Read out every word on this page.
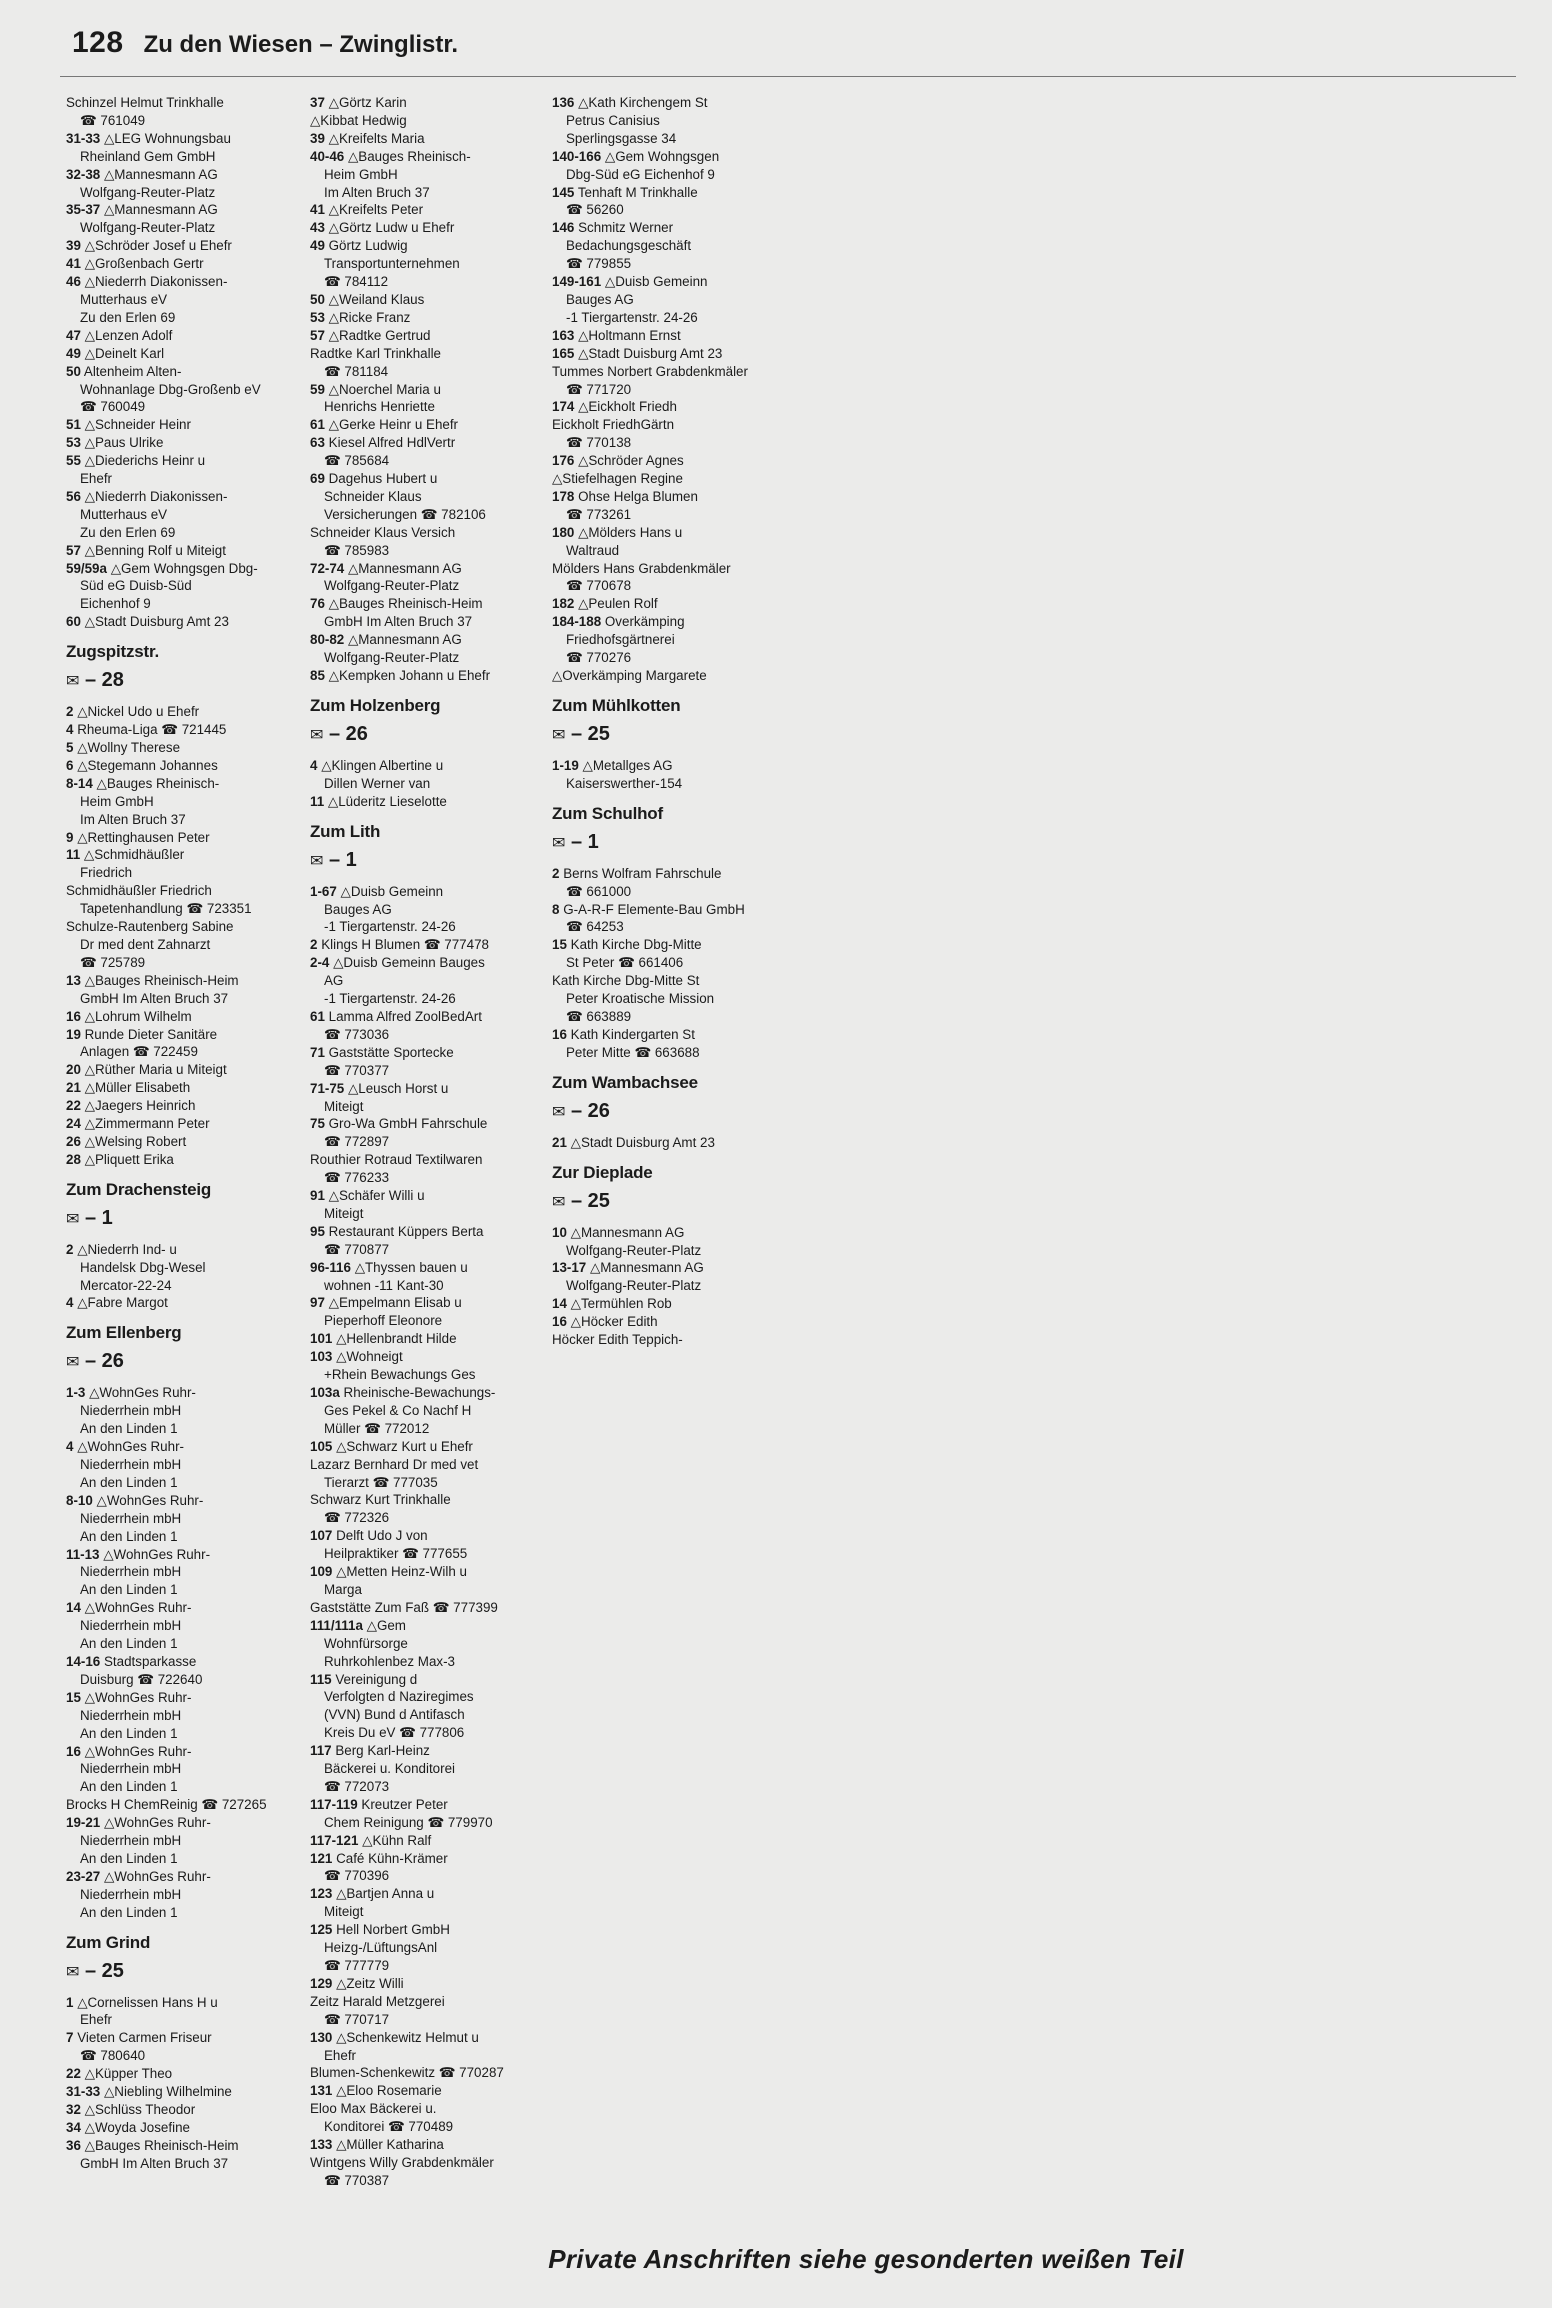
128 Zu den Wiesen – Zwinglistr.
Schinzel Helmut Trinkhalle
☎ 761049
31-33 △LEG Wohnungsbau
Rheinland Gem GmbH
32-38 △Mannesmann AG
Wolfgang-Reuter-Platz
35-37 △Mannesmann AG
Wolfgang-Reuter-Platz
39 △Schröder Josef u Ehefr
41 △Großenbach Gertr
46 △Niederrh Diakonissen-
Mutterhaus eV
Zu den Erlen 69
47 △Lenzen Adolf
49 △Deinelt Karl
50 Altenheim Alten-
Wohnanlage Dbg-Großenb eV
☎ 760049
51 △Schneider Heinr
53 △Paus Ulrike
55 △Diederichs Heinr u
Ehefr
56 △Niederrh Diakonissen-
Mutterhaus eV
Zu den Erlen 69
57 △Benning Rolf u Miteigt
59/59a △Gem Wohngsgen Dbg-
Süd eG Duisb-Süd
Eichenhof 9
60 △Stadt Duisburg Amt 23
Zugspitzstr.
✉ – 28
2 △Nickel Udo u Ehefr
4 Rheuma-Liga ☎ 721445
5 △Wollny Therese
6 △Stegemann Johannes
8-14 △Bauges Rheinisch-
Heim GmbH
Im Alten Bruch 37
9 △Rettinghausen Peter
11 △Schmidhäußler
Friedrich
Schmidhäußler Friedrich
Tapetenhandlung ☎ 723351
Schulze-Rautenberg Sabine
Dr med dent Zahnarzt
☎ 725789
13 △Bauges Rheinisch-Heim
GmbH Im Alten Bruch 37
16 △Lohrum Wilhelm
19 Runde Dieter Sanitäre
Anlagen ☎ 722459
20 △Rüther Maria u Miteigt
21 △Müller Elisabeth
22 △Jaegers Heinrich
24 △Zimmermann Peter
26 △Welsing Robert
28 △Pliquett Erika
Zum Drachensteig
✉ – 1
2 △Niederrh Ind- u
Handelsk Dbg-Wesel
Mercator-22-24
4 △Fabre Margot
Zum Ellenberg
✉ – 26
1-3 △WohnGes Ruhr-
Niederrhein mbH
An den Linden 1
4 △WohnGes Ruhr-
Niederrhein mbH
An den Linden 1
8-10 △WohnGes Ruhr-
Niederrhein mbH
An den Linden 1
11-13 △WohnGes Ruhr-
Niederrhein mbH
An den Linden 1
14 △WohnGes Ruhr-
Niederrhein mbH
An den Linden 1
14-16 Stadtsparkasse
Duisburg ☎ 722640
15 △WohnGes Ruhr-
Niederrhein mbH
An den Linden 1
16 △WohnGes Ruhr-
Niederrhein mbH
An den Linden 1
Brocks H ChemReinig ☎ 727265
19-21 △WohnGes Ruhr-
Niederrhein mbH
An den Linden 1
23-27 △WohnGes Ruhr-
Niederrhein mbH
An den Linden 1
Zum Grind
✉ – 25
1 △Cornelissen Hans H u
Ehefr
7 Vieten Carmen Friseur
☎ 780640
22 △Küpper Theo
31-33 △Niebling Wilhelmine
32 △Schlüss Theodor
34 △Woyda Josefine
36 △Bauges Rheinisch-Heim
GmbH Im Alten Bruch 37
37 △Görtz Karin
△Kibbat Hedwig
39 △Kreifelts Maria
40-46 △Bauges Rheinisch-
Heim GmbH
Im Alten Bruch 37
41 △Kreifelts Peter
43 △Görtz Ludw u Ehefr
49 Görtz Ludwig
Transportunternehmen
☎ 784112
50 △Weiland Klaus
53 △Ricke Franz
57 △Radtke Gertrud
Radtke Karl Trinkhalle
☎ 781184
59 △Noerchel Maria u
Henrichs Henriette
61 △Gerke Heinr u Ehefr
63 Kiesel Alfred HdlVertr
☎ 785684
69 Dagehus Hubert u
Schneider Klaus
Versicherungen ☎ 782106
Schneider Klaus Versich
☎ 785983
72-74 △Mannesmann AG
Wolfgang-Reuter-Platz
76 △Bauges Rheinisch-Heim
GmbH Im Alten Bruch 37
80-82 △Mannesmann AG
Wolfgang-Reuter-Platz
85 △Kempken Johann u Ehefr
Zum Holzenberg
✉ – 26
4 △Klingen Albertine u
Dillen Werner van
11 △Lüderitz Lieselotte
Zum Lith
✉ – 1
1-67 △Duisb Gemeinn
Bauges AG
-1 Tiergartenstr. 24-26
2 Klings H Blumen ☎ 777478
2-4 △Duisb Gemeinn Bauges
AG
-1 Tiergartenstr. 24-26
61 Lamma Alfred ZoolBedArt
☎ 773036
71 Gaststätte Sportecke
☎ 770377
71-75 △Leusch Horst u
Miteigt
75 Gro-Wa GmbH Fahrschule
☎ 772897
Routhier Rotraud Textilwaren
☎ 776233
91 △Schäfer Willi u
Miteigt
95 Restaurant Küppers Berta
☎ 770877
96-116 △Thyssen bauen u
wohnen -11 Kant-30
97 △Empelmann Elisab u
Pieperhoff Eleonore
101 △Hellenbrandt Hilde
103 △Wohneigt
+Rhein Bewachungs Ges
103a Rheinische-Bewachungs-
Ges Pekel & Co Nachf H
Müller ☎ 772012
105 △Schwarz Kurt u Ehefr
Lazarz Bernhard Dr med vet
Tierarzt ☎ 777035
Schwarz Kurt Trinkhalle
☎ 772326
107 Delft Udo J von
Heilpraktiker ☎ 777655
109 △Metten Heinz-Wilh u
Marga
Gaststätte Zum Faß ☎ 777399
111/111a △Gem
Wohnfürsorge
Ruhrkohlenbez Max-3
115 Vereinigung d
Verfolgten d Naziregimes
(VVN) Bund d Antifasch
Kreis Du eV ☎ 777806
117 Berg Karl-Heinz
Bäckerei u. Konditorei
☎ 772073
117-119 Kreutzer Peter
Chem Reinigung ☎ 779970
117-121 △Kühn Ralf
121 Café Kühn-Krämer
☎ 770396
123 △Bartjen Anna u
Miteigt
125 Hell Norbert GmbH
Heizg-/LüftungsAnl
☎ 777779
129 △Zeitz Willi
Zeitz Harald Metzgerei
☎ 770717
130 △Schenkewitz Helmut u
Ehefr
Blumen-Schenkewitz ☎ 770287
131 △Eloo Rosemarie
Eloo Max Bäckerei u.
Konditorei ☎ 770489
133 △Müller Katharina
Wintgens Willy Grabdenkmäler
☎ 770387
136 △Kath Kirchengem St
Petrus Canisius
Sperlingsgasse 34
140-166 △Gem Wohngsgen
Dbg-Süd eG Eichenhof 9
145 Tenhaft M Trinkhalle
☎ 56260
146 Schmitz Werner
Bedachungsgeschäft
☎ 779855
149-161 △Duisb Gemeinn
Bauges AG
-1 Tiergartenstr. 24-26
163 △Holtmann Ernst
165 △Stadt Duisburg Amt 23
Tummes Norbert Grabdenkmäler
☎ 771720
174 △Eickholt Friedh
Eickholt FriedhGärtn
☎ 770138
176 △Schröder Agnes
△Stiefelhagen Regine
178 Ohse Helga Blumen
☎ 773261
180 △Mölders Hans u
Waltraud
Mölders Hans Grabdenkmäler
☎ 770678
182 △Peulen Rolf
184-188 Overkämping
Friedhofsgärtnerei
☎ 770276
△Overkämping Margarete
Zum Mühlkotten
✉ – 25
1-19 △Metallges AG
Kaiserswerther-154
Zum Schulhof
✉ – 1
2 Berns Wolfram Fahrschule
☎ 661000
8 G-A-R-F Elemente-Bau GmbH
☎ 64253
15 Kath Kirche Dbg-Mitte
St Peter ☎ 661406
Kath Kirche Dbg-Mitte St
Peter Kroatische Mission
☎ 663889
16 Kath Kindergarten St
Peter Mitte ☎ 663688
Zum Wambachsee
✉ – 26
21 △Stadt Duisburg Amt 23
Zur Dieplade
✉ – 25
10 △Mannesmann AG
Wolfgang-Reuter-Platz
13-17 △Mannesmann AG
Wolfgang-Reuter-Platz
14 △Termühlen Rob
16 △Höcker Edith
Höcker Edith Teppich-
Private Anschriften siehe gesonderten weißen Teil
